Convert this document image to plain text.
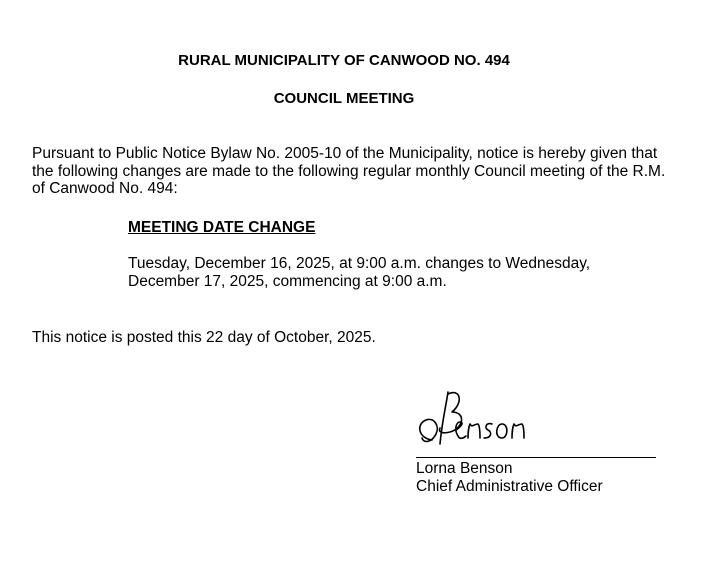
RURAL MUNICIPALITY OF CANWOOD NO. 494
COUNCIL MEETING
Pursuant to Public Notice Bylaw No. 2005-10 of the Municipality, notice is hereby given that the following changes are made to the following regular monthly Council meeting of the R.M. of Canwood No. 494:
MEETING DATE CHANGE
Tuesday, December 16, 2025, at 9:00 a.m. changes to Wednesday,
December 17, 2025, commencing at 9:00 a.m.
This notice is posted this 22 day of October, 2025.
Lorna Benson
Chief Administrative Officer
